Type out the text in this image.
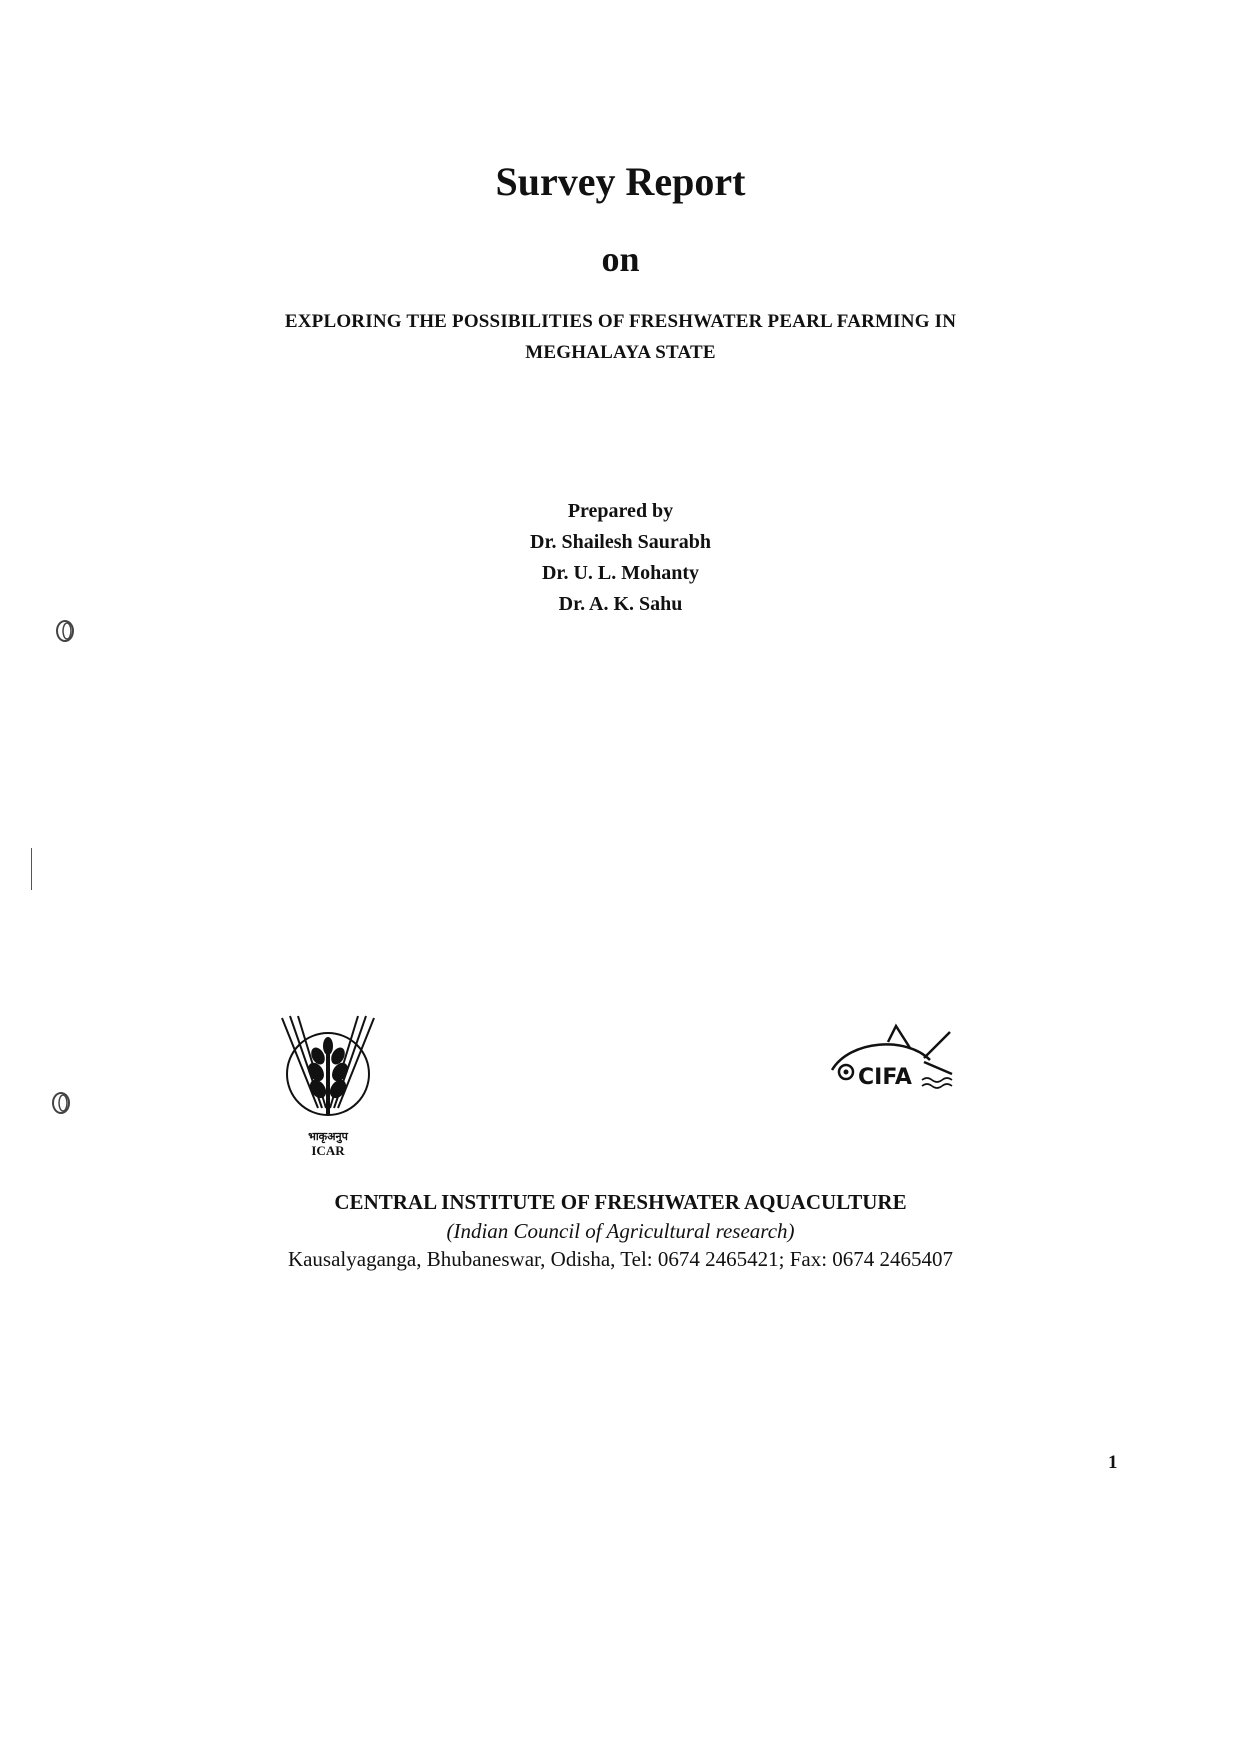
Survey Report
on
EXPLORING THE POSSIBILITIES OF FRESHWATER PEARL FARMING IN
MEGHALAYA STATE
Prepared by
Dr. Shailesh Saurabh
Dr. U. L. Mohanty
Dr. A. K. Sahu
भाकृअनुप
ICAR
CIFA
CENTRAL INSTITUTE OF FRESHWATER AQUACULTURE
(Indian Council of Agricultural research)
Kausalyaganga, Bhubaneswar, Odisha, Tel: 0674 2465421; Fax: 0674 2465407
1
